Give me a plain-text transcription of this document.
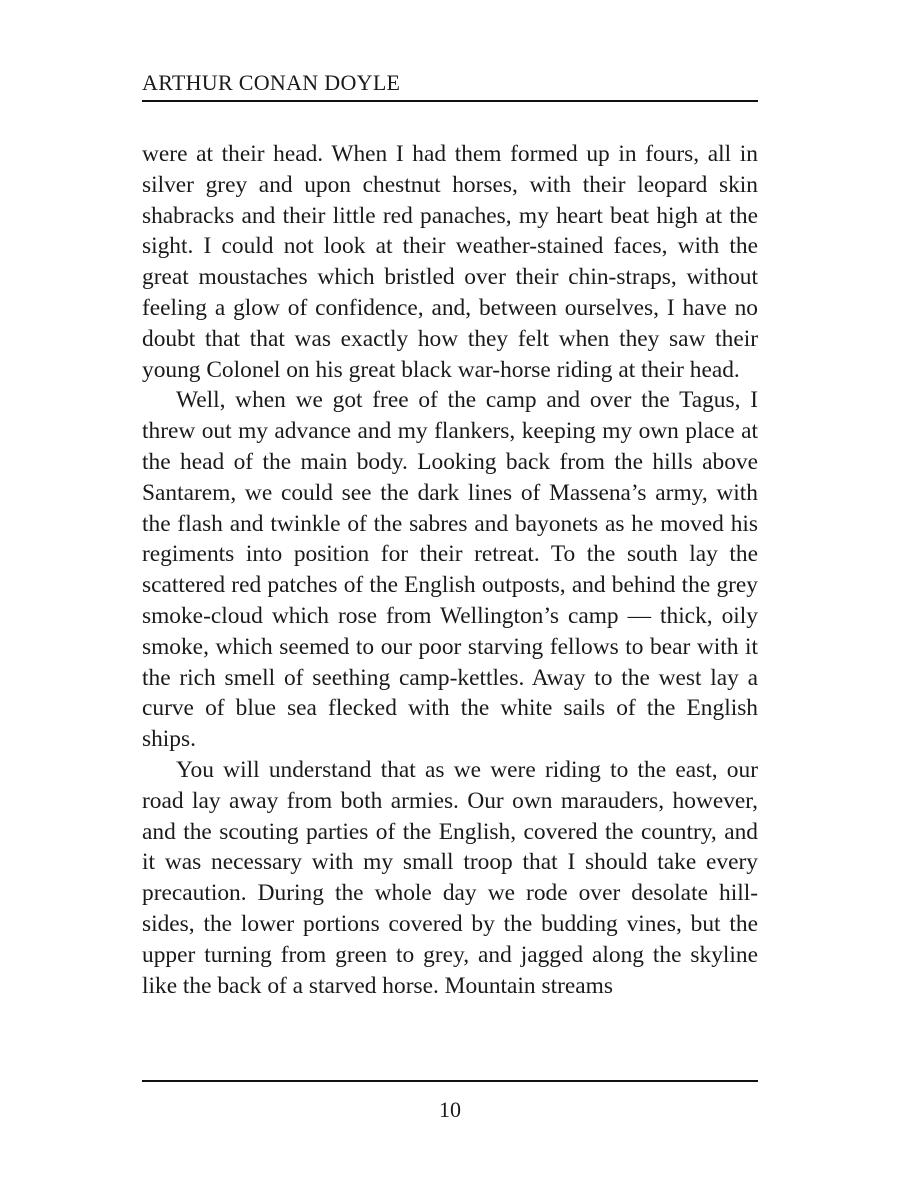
ARTHUR CONAN DOYLE

were at their head. When I had them formed up in fours, all in silver grey and upon chestnut horses, with their leopard skin shabracks and their little red panaches, my heart beat high at the sight. I could not look at their weather-stained faces, with the great moustaches which bristled over their chin-straps, without feeling a glow of confidence, and, between ourselves, I have no doubt that that was exactly how they felt when they saw their young Colonel on his great black war-horse riding at their head.

Well, when we got free of the camp and over the Tagus, I threw out my advance and my flankers, keeping my own place at the head of the main body. Looking back from the hills above Santarem, we could see the dark lines of Massena’s army, with the flash and twinkle of the sabres and bayonets as he moved his regiments into position for their retreat. To the south lay the scattered red patches of the English outposts, and behind the grey smoke-cloud which rose from Wellington’s camp — thick, oily smoke, which seemed to our poor starving fellows to bear with it the rich smell of seething camp-kettles. Away to the west lay a curve of blue sea flecked with the white sails of the English ships.

You will understand that as we were riding to the east, our road lay away from both armies. Our own marauders, however, and the scouting parties of the English, covered the country, and it was necessary with my small troop that I should take every precaution. During the whole day we rode over desolate hill-sides, the lower portions covered by the budding vines, but the upper turning from green to grey, and jagged along the skyline like the back of a starved horse. Mountain streams

10
